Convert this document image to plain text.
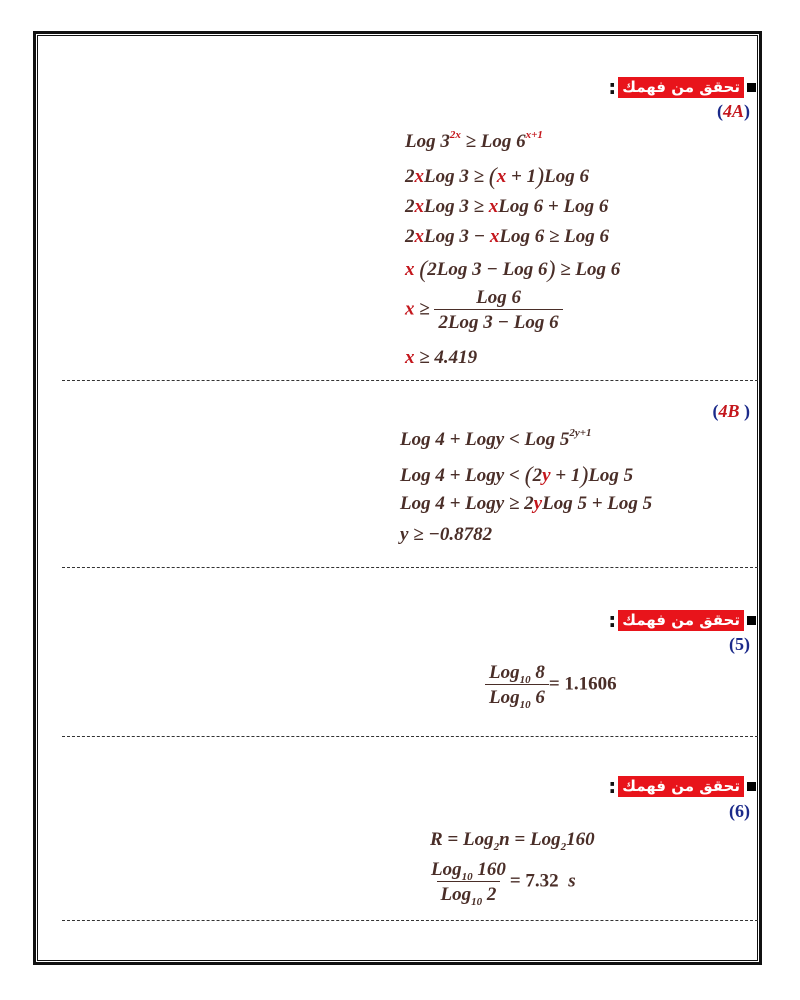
: تحقق من فهمك
(4A)
Log $3^{2x}$ ≥ Log $6^{x+1}$
2xLog 3 ≥ (x + 1)Log 6
2xLog 3 ≥ xLog 6 + Log 6
2xLog 3 − xLog 6 ≥ Log 6
x (2Log 3 − Log 6) ≥ Log 6
$x \ge \frac{\text{Log 6}}{\text{2Log 3 − Log 6}}$
x ≥ 4.419
(4B )
Log 4 + Logy < Log $5^{2y+1}$
Log 4 + Logy < (2y + 1)Log 5
Log 4 + Logy ≥ 2yLog 5 + Log 5
y ≥ −0.8782
: تحقق من فهمك
(5)
$\frac{Log_{10} 8}{Log_{10} 6} = 1.1606$
: تحقق من فهمك
(6)
R = Log$_2$n = Log$_2$160
$\frac{Log_{10} 160}{Log_{10} 2} = 7.32$ s
